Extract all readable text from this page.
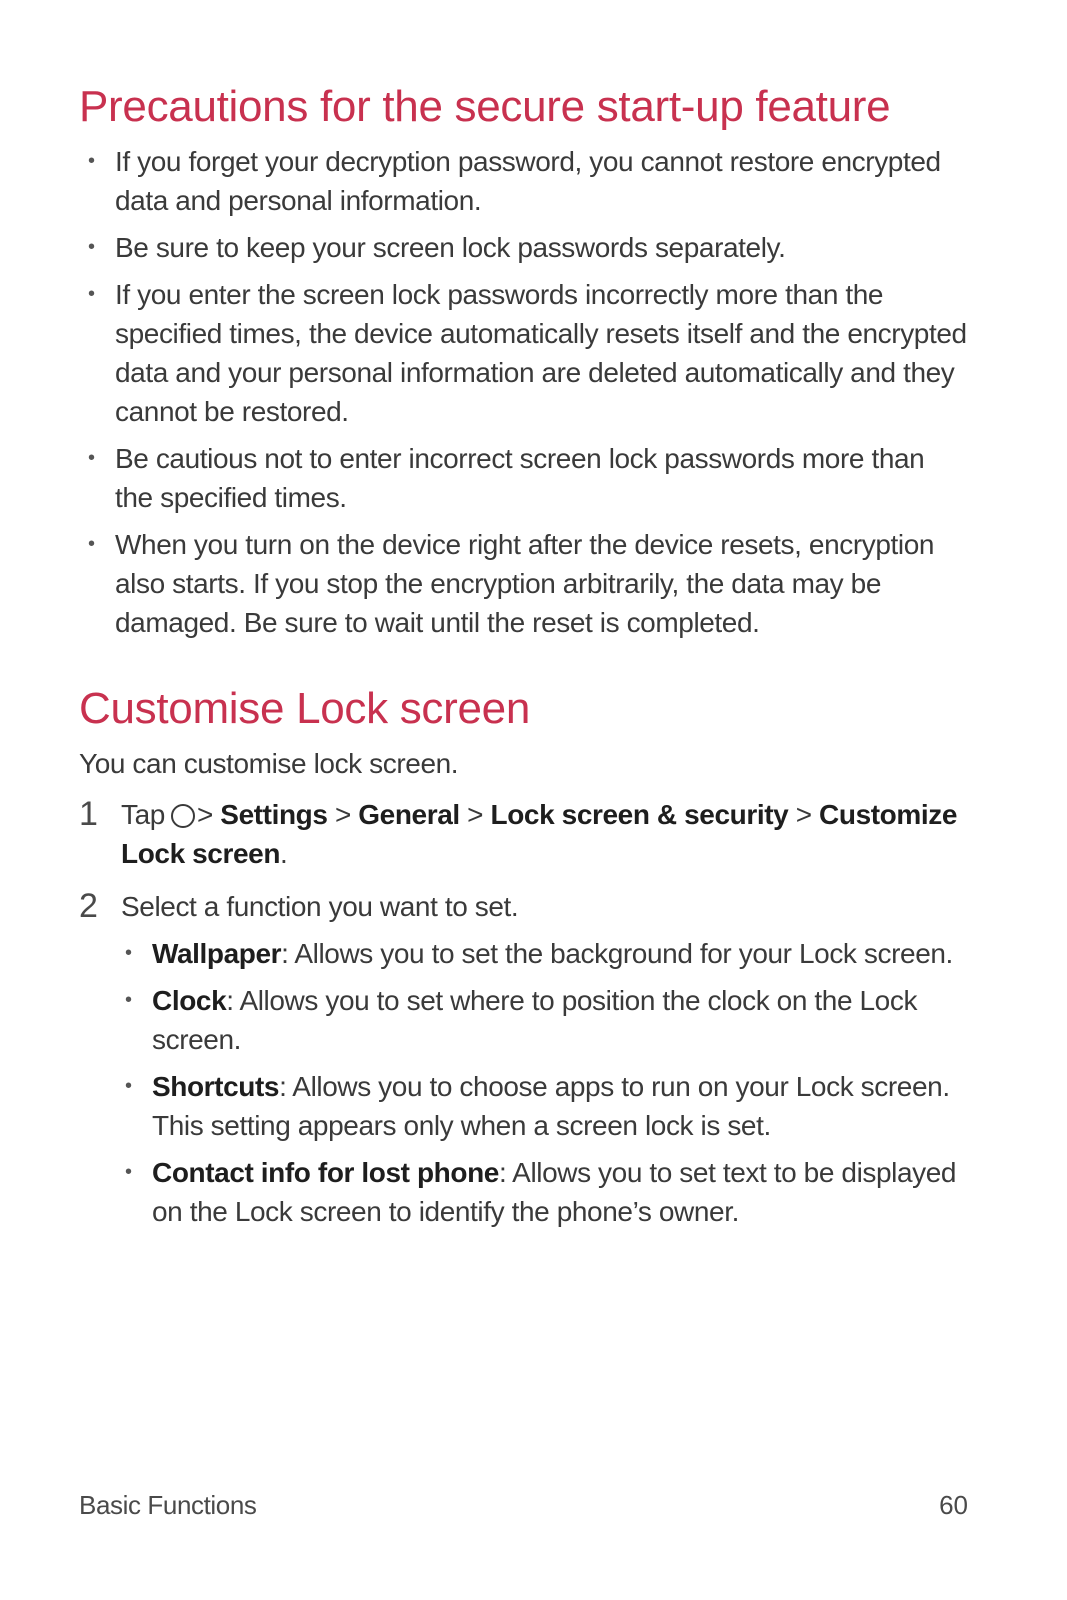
Precautions for the secure start-up feature
• If you forget your decryption password, you cannot restore encrypted data and personal information.
• Be sure to keep your screen lock passwords separately.
• If you enter the screen lock passwords incorrectly more than the specified times, the device automatically resets itself and the encrypted data and your personal information are deleted automatically and they cannot be restored.
• Be cautious not to enter incorrect screen lock passwords more than the specified times.
• When you turn on the device right after the device resets, encryption also starts. If you stop the encryption arbitrarily, the data may be damaged. Be sure to wait until the reset is completed.
Customise Lock screen

You can customise lock screen.

1 Tap > Settings > General > Lock screen & security > Customize Lock screen.
2 Select a function you want to set.
• Wallpaper: Allows you to set the background for your Lock screen.
• Clock: Allows you to set where to position the clock on the Lock screen.
• Shortcuts: Allows you to choose apps to run on your Lock screen. This setting appears only when a screen lock is set.
• Contact info for lost phone: Allows you to set text to be displayed on the Lock screen to identify the phone’s owner.
Basic Functions	60
